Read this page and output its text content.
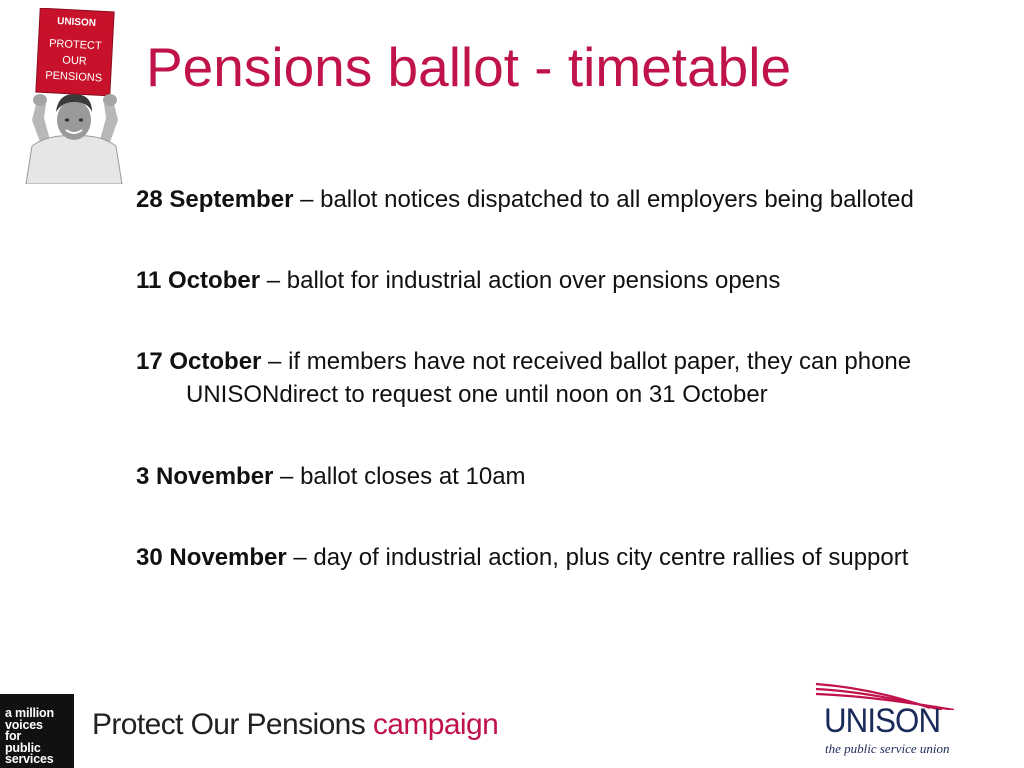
UNISON
PROTECT
OUR
PENSIONS Pensions ballot - timetable
28 September – ballot notices dispatched to all employers being balloted
11 October – ballot for industrial action over pensions opens
17 October – if members have not received ballot paper, they can phone UNISONdirect to request one until noon on 31 October
3 November – ballot closes at 10am
30 November – day of industrial action, plus city centre rallies of support
a million
voices
for
public
services
Protect Our Pensions campaign	UNISON
the public service union
